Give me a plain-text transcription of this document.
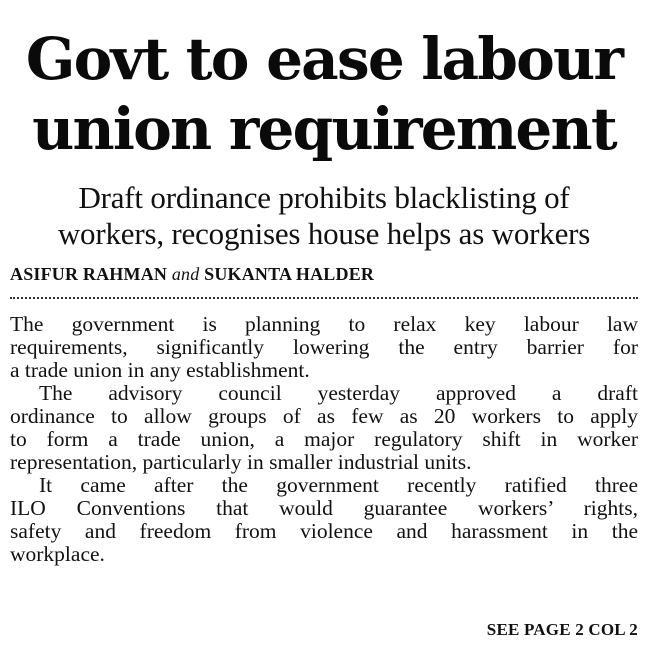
Govt to ease labour
union requirement
Draft ordinance prohibits blacklisting of
workers, recognises house helps as workers
ASIFUR RAHMAN and SUKANTA HALDER

The government is planning to relax key labour law
requirements, significantly lowering the entry barrier for
a trade union in any establishment.

The advisory council yesterday approved a draft
ordinance to allow groups of as few as 20 workers to apply
to form a trade union, a major regulatory shift in worker
representation, particularly in smaller industrial units.

It came after the government recently ratified three
ILO Conventions that would guarantee workers’ rights,
safety and freedom from violence and harassment in the
workplace.

SEE PAGE 2 COL 2
